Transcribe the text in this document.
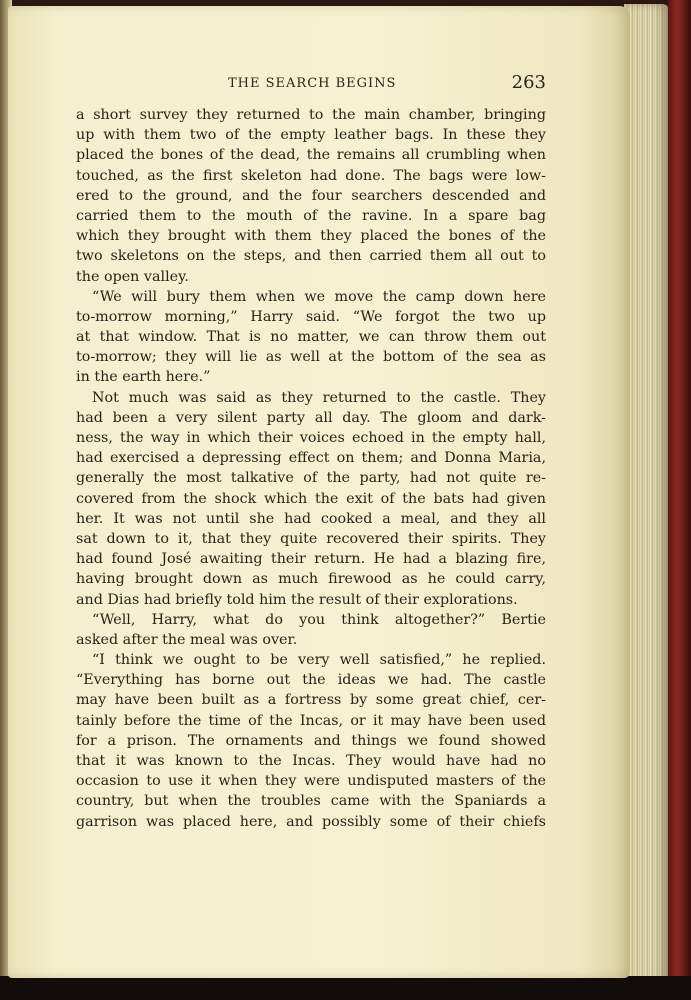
THE SEARCH BEGINS	263
a short survey they returned to the main chamber, bringing
up with them two of the empty leather bags. In these they
placed the bones of the dead, the remains all crumbling when
touched, as the first skeleton had done. The bags were low-
ered to the ground, and the four searchers descended and
carried them to the mouth of the ravine. In a spare bag
which they brought with them they placed the bones of the
two skeletons on the steps, and then carried them all out to
the open valley.
“We will bury them when we move the camp down here
to-morrow morning,” Harry said. “We forgot the two up
at that window. That is no matter, we can throw them out
to-morrow; they will lie as well at the bottom of the sea as
in the earth here.”
Not much was said as they returned to the castle. They
had been a very silent party all day. The gloom and dark-
ness, the way in which their voices echoed in the empty hall,
had exercised a depressing effect on them; and Donna Maria,
generally the most talkative of the party, had not quite re-
covered from the shock which the exit of the bats had given
her. It was not until she had cooked a meal, and they all
sat down to it, that they quite recovered their spirits. They
had found José awaiting their return. He had a blazing fire,
having brought down as much firewood as he could carry,
and Dias had briefly told him the result of their explorations.
“Well, Harry, what do you think altogether?” Bertie
asked after the meal was over.
“I think we ought to be very well satisfied,” he replied.
“Everything has borne out the ideas we had. The castle
may have been built as a fortress by some great chief, cer-
tainly before the time of the Incas, or it may have been used
for a prison. The ornaments and things we found showed
that it was known to the Incas. They would have had no
occasion to use it when they were undisputed masters of the
country, but when the troubles came with the Spaniards a
garrison was placed here, and possibly some of their chiefs
